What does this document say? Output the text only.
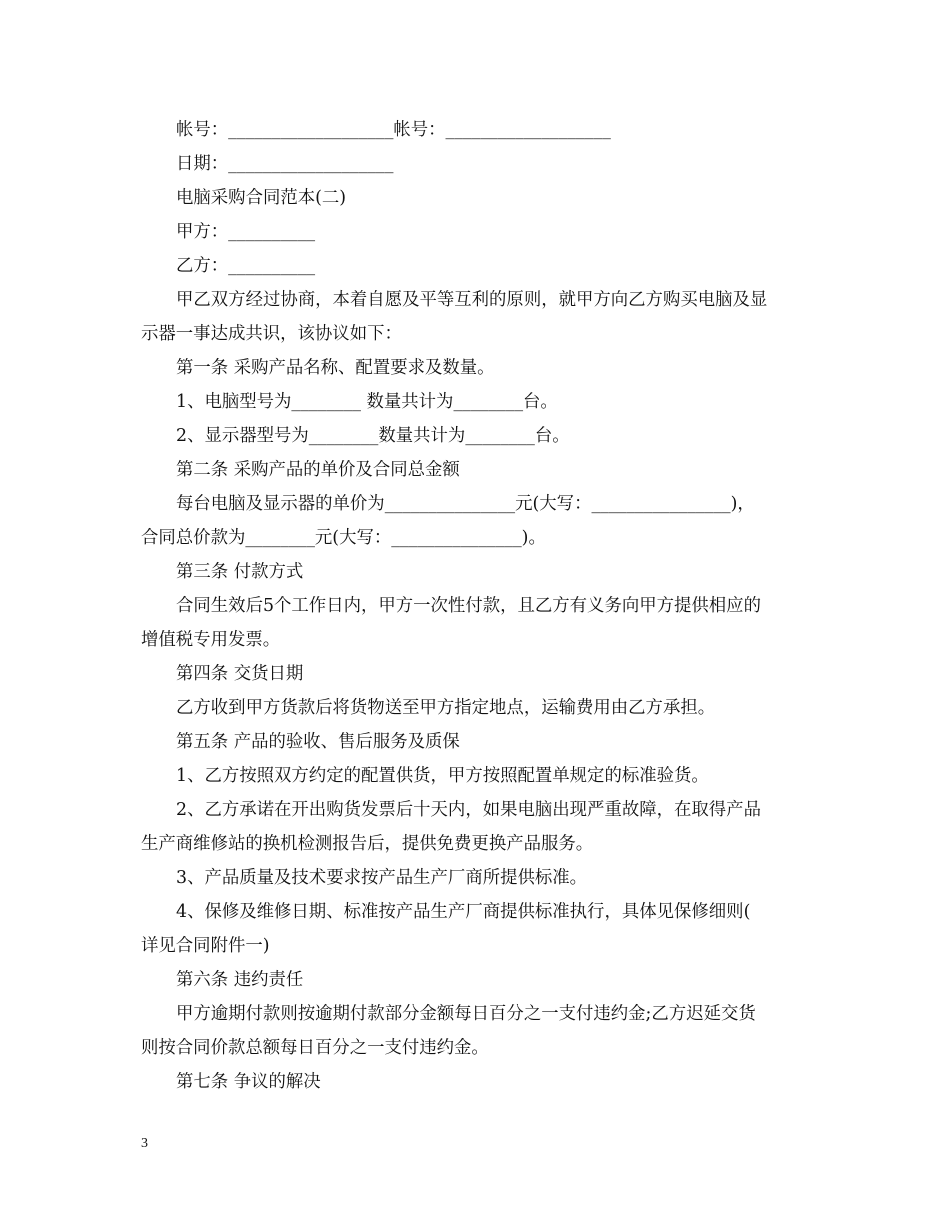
帐号：___________________帐号：___________________
日期：___________________
电脑采购合同范本(二)
甲方：__________
乙方：__________
甲乙双方经过协商，本着自愿及平等互利的原则，就甲方向乙方购买电脑及显
示器一事达成共识，该协议如下：
第一条 采购产品名称、配置要求及数量。
1、电脑型号为________ 数量共计为________台。
2、显示器型号为________数量共计为________台。
第二条 采购产品的单价及合同总金额
每台电脑及显示器的单价为_______________元(大写：________________)，
合同总价款为________元(大写：_______________)。
第三条 付款方式
合同生效后5个工作日内，甲方一次性付款，且乙方有义务向甲方提供相应的
增值税专用发票。
第四条 交货日期
乙方收到甲方货款后将货物送至甲方指定地点，运输费用由乙方承担。
第五条 产品的验收、售后服务及质保
1、乙方按照双方约定的配置供货，甲方按照配置单规定的标准验货。
2、乙方承诺在开出购货发票后十天内，如果电脑出现严重故障，在取得产品
生产商维修站的换机检测报告后，提供免费更换产品服务。
3、产品质量及技术要求按产品生产厂商所提供标准。
4、保修及维修日期、标准按产品生产厂商提供标准执行，具体见保修细则(
详见合同附件一)
第六条 违约责任
甲方逾期付款则按逾期付款部分金额每日百分之一支付违约金;乙方迟延交货
则按合同价款总额每日百分之一支付违约金。
第七条 争议的解决
3
